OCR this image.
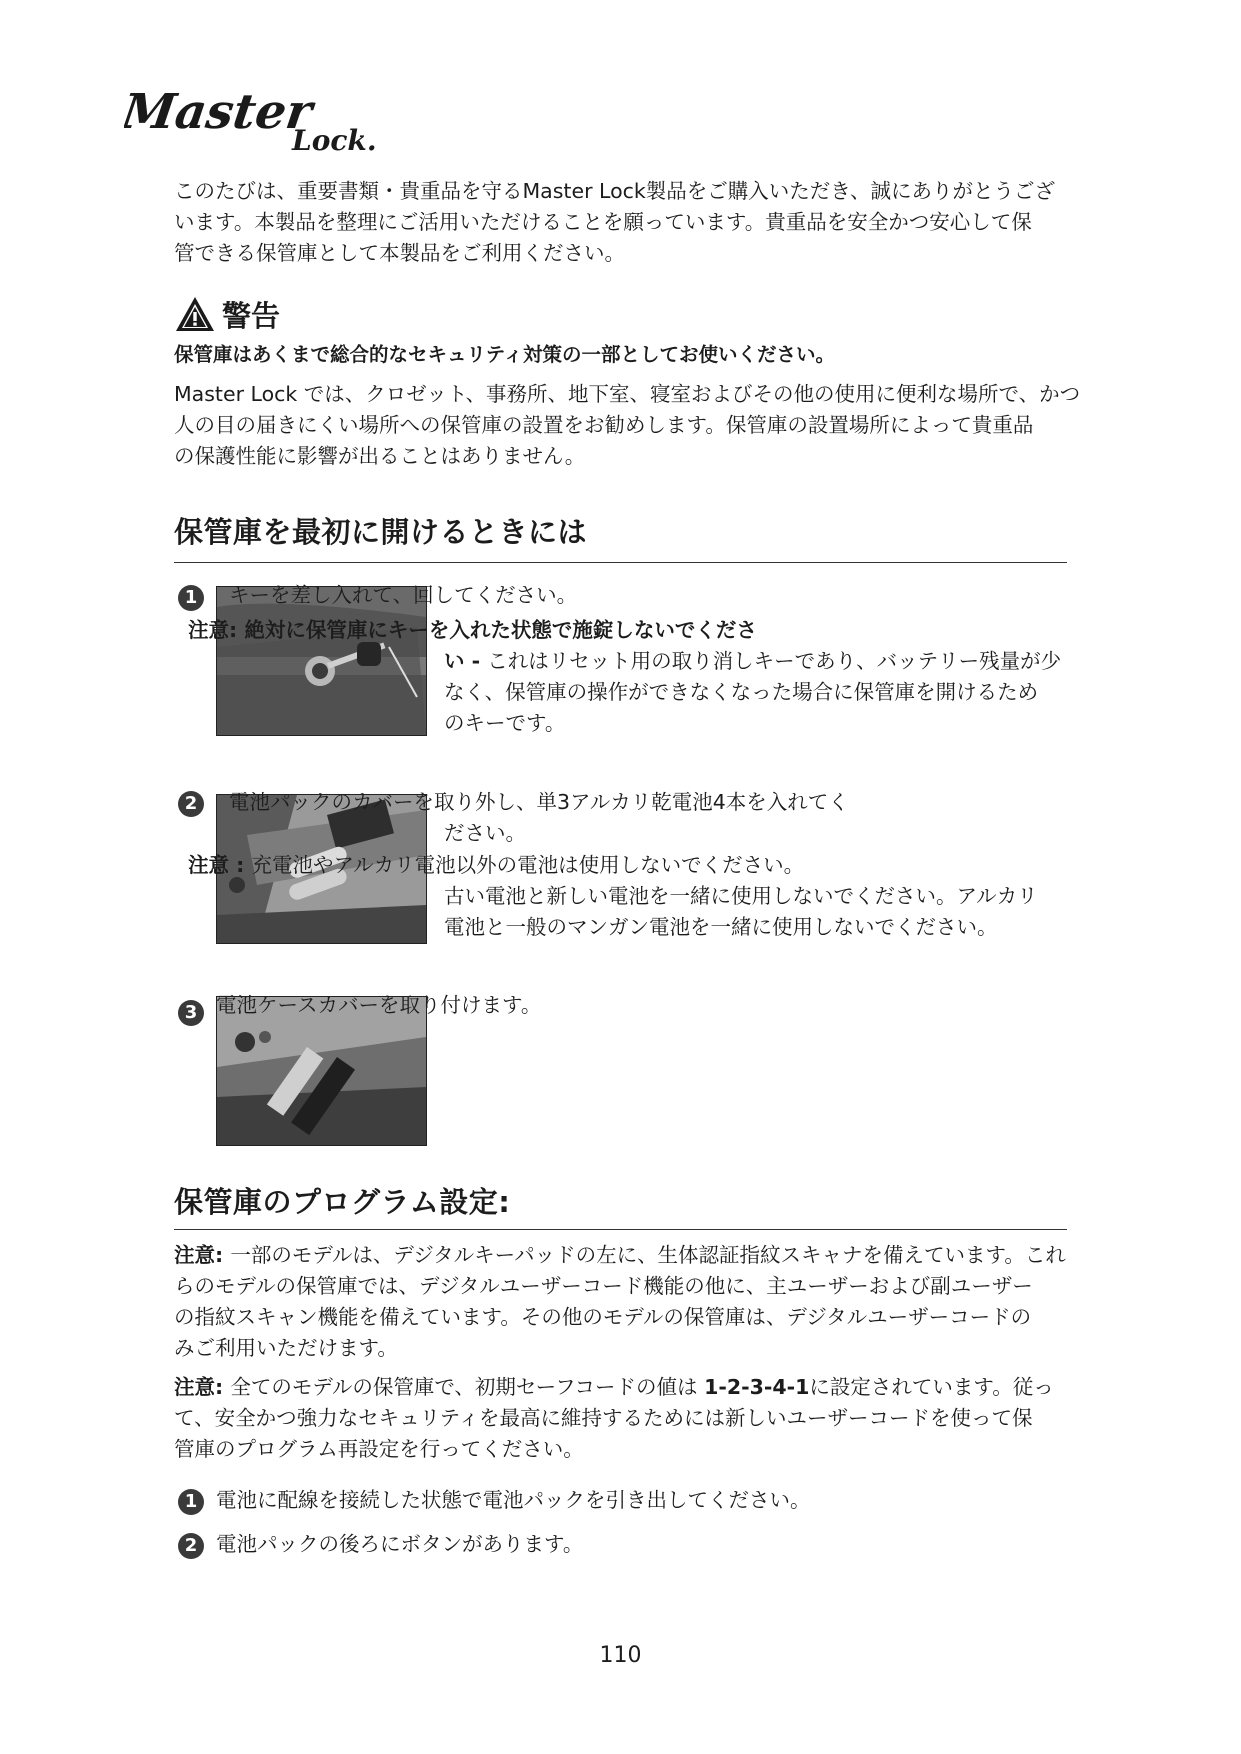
Master
Lock.

このたびは、重要書類・貴重品を守るMaster Lock製品をご購入いただき、誠にありがとうござ

います。本製品を整理にご活用いただけることを願っています。貴重品を安全かつ安心して保

管できる保管庫として本製品をご利用ください。

警告

保管庫はあくまで総合的なセキュリティ対策の一部としてお使いください。

Master Lock では、クロゼット、事務所、地下室、寝室およびその他の使用に便利な場所で、かつ

人の目の届きにくい場所への保管庫の設置をお勧めします。保管庫の設置場所によって貴重品

の保護性能に影響が出ることはありません。

保管庫を最初に開けるときには
1	キーを差し入れて、回してください。
注意: 絶対に保管庫にキーを入れた状態で施錠しないでくださ

い - これはリセット用の取り消しキーであり、バッテリー残量が少

なく、保管庫の操作ができなくなった場合に保管庫を開けるため

のキーです。

2	電池パックのカバーを取り外し、単3アルカリ乾電池4本を入れてく
ださい。
注意 : 充電池やアルカリ電池以外の電池は使用しないでください。

古い電池と新しい電池を一緒に使用しないでください。アルカリ

電池と一般のマンガン電池を一緒に使用しないでください。

3 電池ケースカバーを取り付けます。
保管庫のプログラム設定:

注意: 一部のモデルは、デジタルキーパッドの左に、生体認証指紋スキャナを備えています。これ

らのモデルの保管庫では、デジタルユーザーコード機能の他に、主ユーザーおよび副ユーザー

の指紋スキャン機能を備えています。その他のモデルの保管庫は、デジタルユーザーコードの

みご利用いただけます。

注意: 全てのモデルの保管庫で、初期セーフコードの値は 1-2-3-4-1に設定されています。従っ

て、安全かつ強力なセキュリティを最高に維持するためには新しいユーザーコードを使って保

管庫のプログラム再設定を行ってください。

1 電池に配線を接続した状態で電池パックを引き出してください。
2 電池パックの後ろにボタンがあります。
110
